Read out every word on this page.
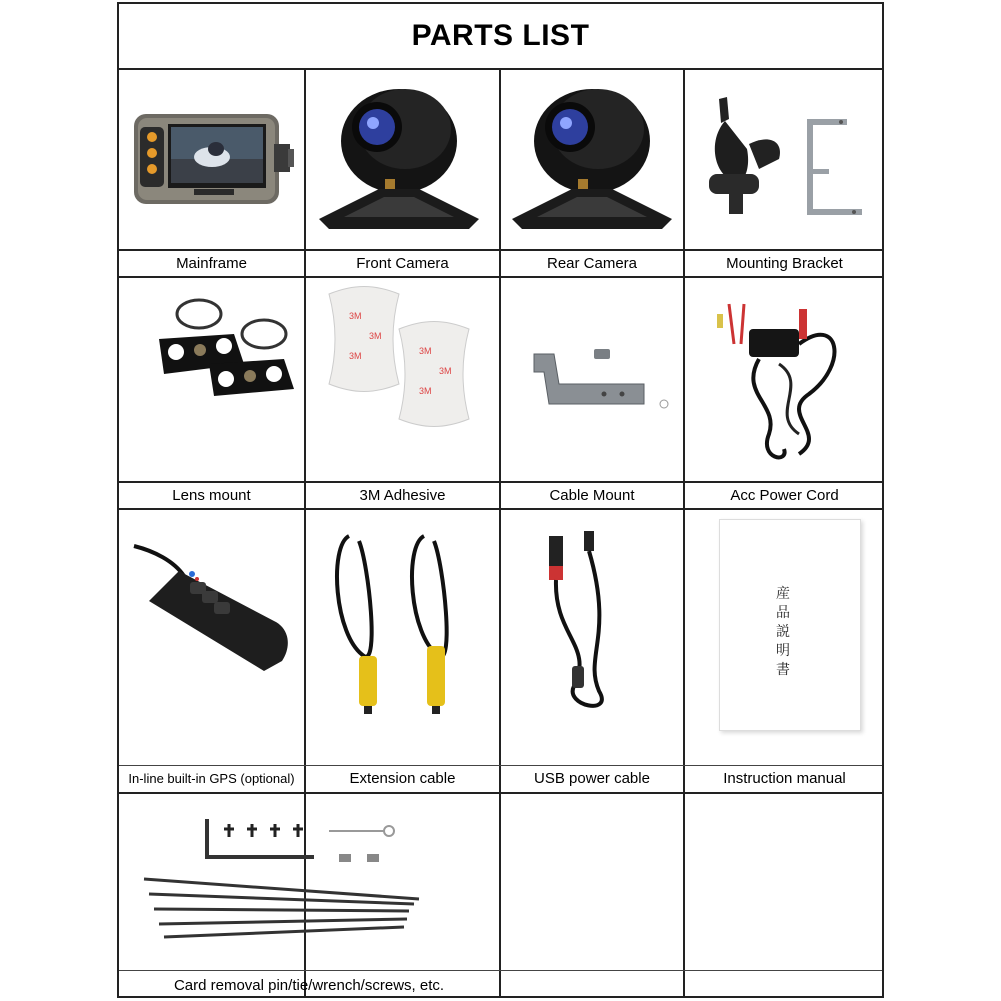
PARTS LIST
Mainframe	Front Camera	Rear Camera	Mounting Bracket
3M
3M
3M	3M
3M
3M
Lens mount	3M Adhesive	Cable Mount	Acc Power Cord
産品説明書
In-line built-in GPS (optional)	Extension cable	USB power cable	Instruction manual
Card removal pin/tie/wrench/screws, etc.
